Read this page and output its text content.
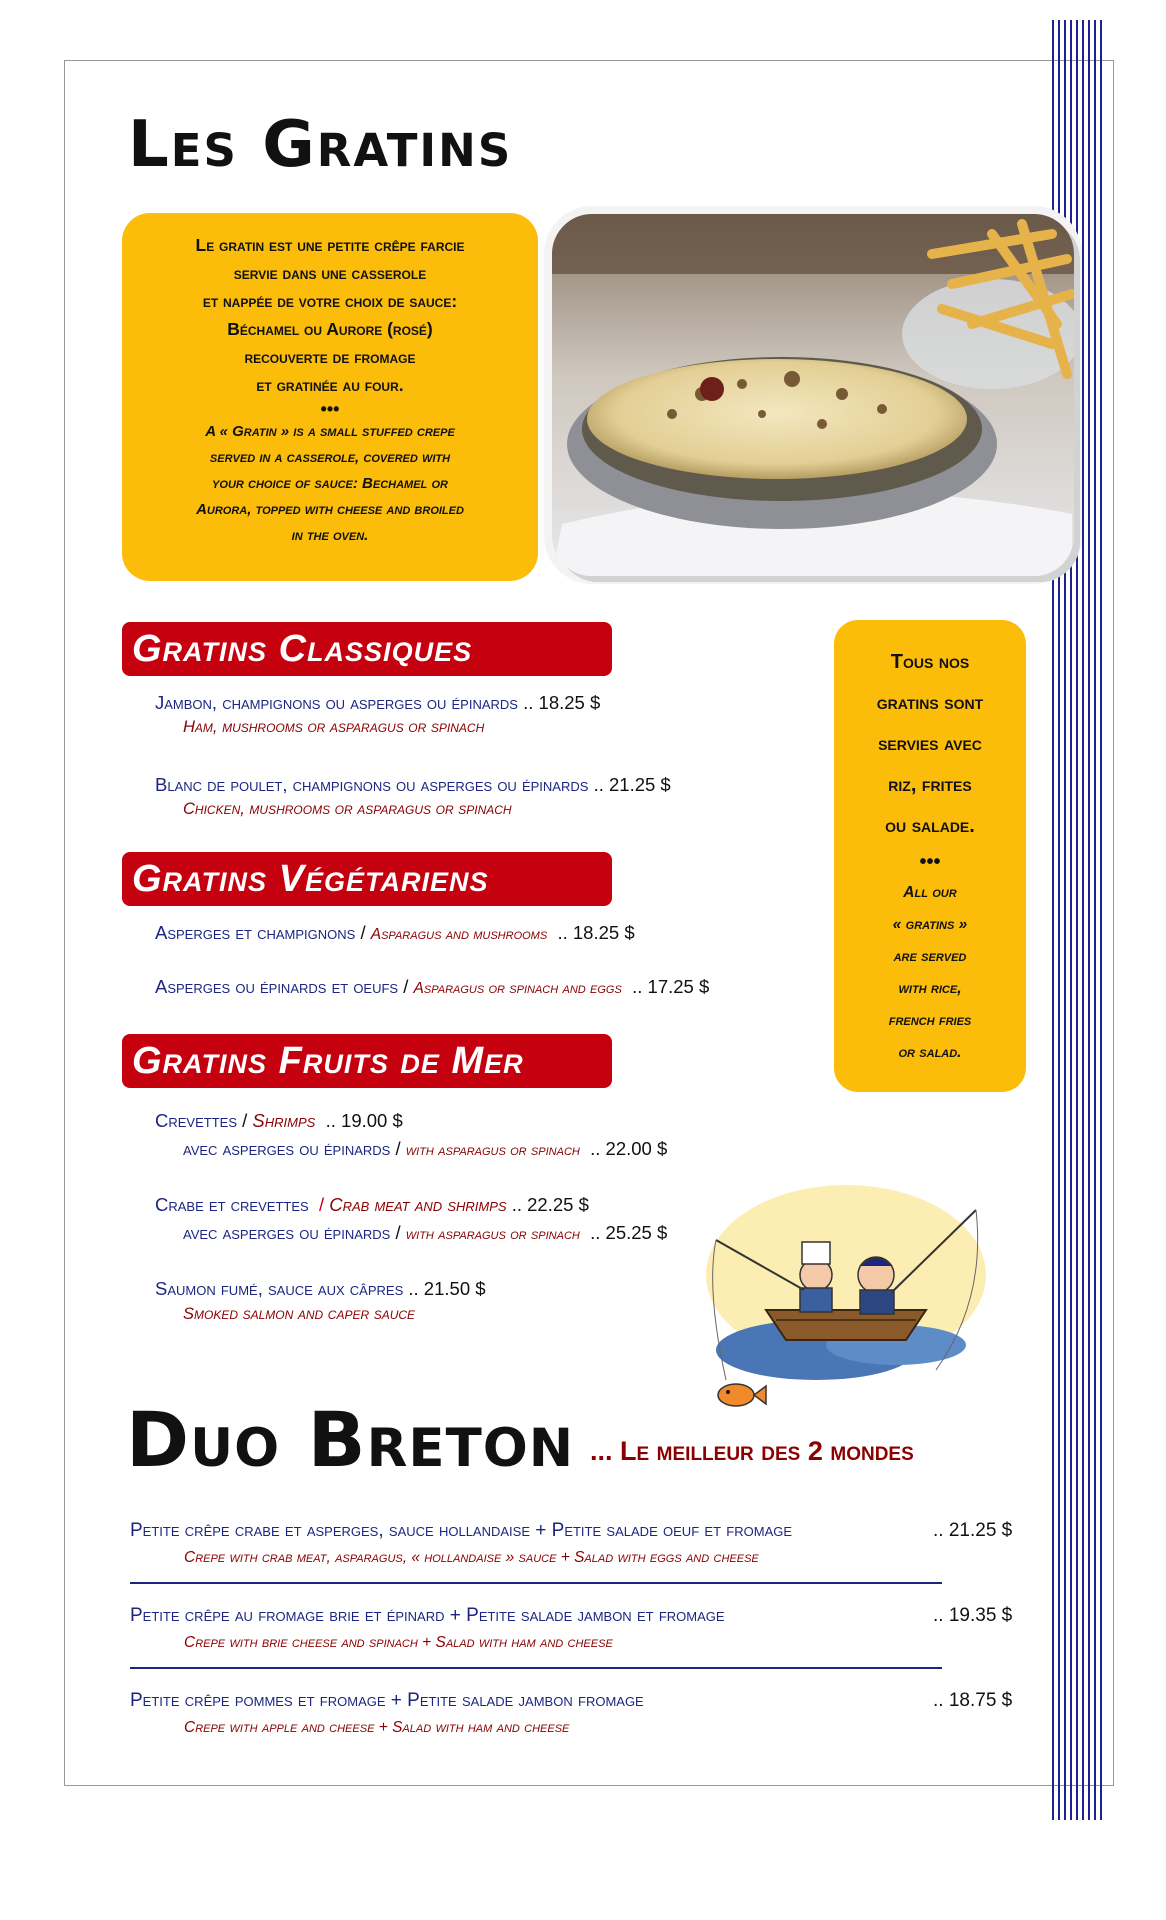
Les Gratins
Le gratin est une petite crêpe farcie
servie dans une casserole
et nappée de votre choix de sauce:
Béchamel ou Aurore (rosé)
recouverte de fromage
et gratinée au four.
•••
A « Gratin » is a small stuffed crepe
served in a casserole, covered with
your choice of sauce: Bechamel or
Aurora, topped with cheese and broiled
in the oven.
Tous nos
gratins sont
servies avec
riz, frites
ou salade.
•••
All our
« gratins »
are served
with rice,
french fries
or salad.
Gratins Classiques
Jambon, champignons ou asperges ou épinards .. 18.25 $
Ham, mushrooms or asparagus or spinach
Blanc de poulet, champignons ou asperges ou épinards .. 21.25 $
Chicken, mushrooms or asparagus or spinach
Gratins Végétariens
Asperges et champignons / Asparagus and mushrooms  .. 18.25 $
Asperges ou épinards et oeufs / Asparagus or spinach and eggs  .. 17.25 $
Gratins Fruits de Mer
Crevettes / Shrimps  .. 19.00 $
avec asperges ou épinards / with asparagus or spinach  .. 22.00 $
Crabe et crevettes  / Crab meat and shrimps .. 22.25 $
avec asperges ou épinards / with asparagus or spinach  .. 25.25 $
Saumon fumé, sauce aux câpres .. 21.50 $
Smoked salmon and caper sauce
Duo Breton ... Le meilleur des 2 mondes
Petite crêpe crabe et asperges, sauce hollandaise + Petite salade oeuf et fromage	.. 21.25 $
Crepe with crab meat, asparagus, « hollandaise » sauce + Salad with eggs and cheese
Petite crêpe au fromage brie et épinard + Petite salade jambon et fromage	.. 19.35 $
Crepe with brie cheese and spinach + Salad with ham and cheese
Petite crêpe pommes et fromage + Petite salade jambon fromage	.. 18.75 $
Crepe with apple and cheese + Salad with ham and cheese
